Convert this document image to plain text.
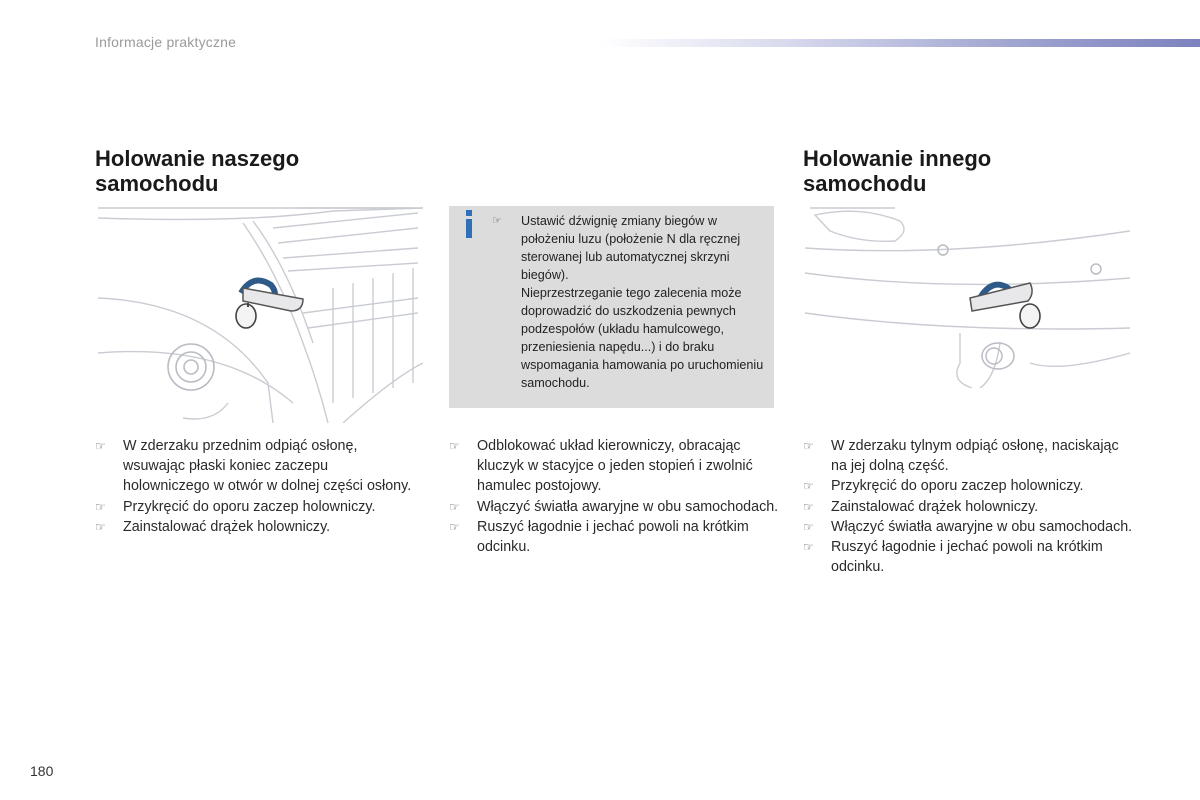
Informacje praktyczne
Holowanie naszego
samochodu
Holowanie innego
samochodu
☞ Ustawić dźwignię zmiany biegów w położeniu luzu (położenie N dla ręcznej sterowanej lub automatycznej skrzyni biegów).
Nieprzestrzeganie tego zalecenia może doprowadzić do uszkodzenia pewnych podzespołów (układu hamulcowego, przeniesienia napędu...) i do braku wspomagania hamowania po uruchomieniu samochodu.
☞ W zderzaku przednim odpiąć osłonę, wsuwając płaski koniec zaczepu holowniczego w otwór w dolnej części osłony.
☞ Przykręcić do oporu zaczep holowniczy.
☞ Zainstalować drążek holowniczy.
☞ Odblokować układ kierowniczy, obracając kluczyk w stacyjce o jeden stopień i zwolnić hamulec postojowy.
☞ Włączyć światła awaryjne w obu samochodach.
☞ Ruszyć łagodnie i jechać powoli na krótkim odcinku.
☞ W zderzaku tylnym odpiąć osłonę, naciskając na jej dolną część.
☞ Przykręcić do oporu zaczep holowniczy.
☞ Zainstalować drążek holowniczy.
☞ Włączyć światła awaryjne w obu samochodach.
☞ Ruszyć łagodnie i jechać powoli na krótkim odcinku.
180
